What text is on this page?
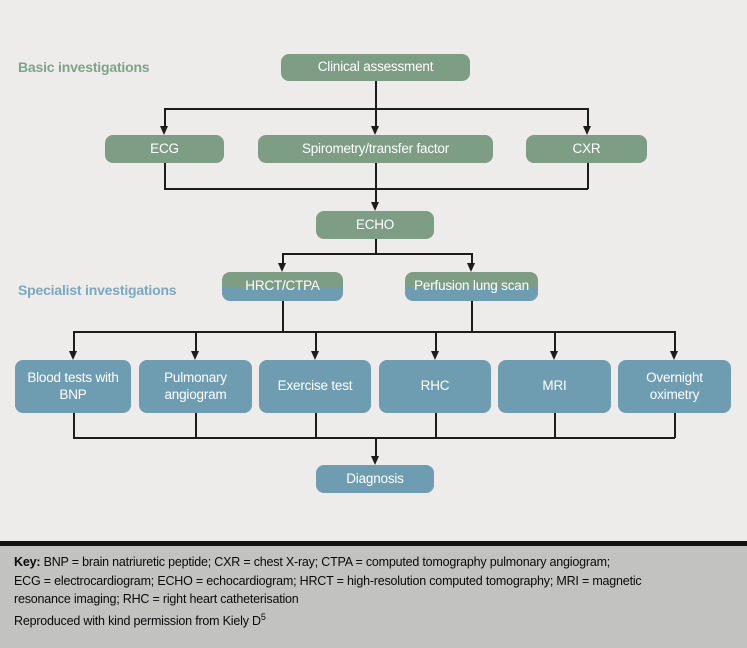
Basic investigations
Specialist investigations
Clinical assessment
ECG	Spirometry/transfer factor	CXR
ECHO
HRCT/CTPA	Perfusion lung scan
Blood tests with BNP
Pulmonary angiogram
Exercise test	RHC	MRI
Overnight oximetry
Diagnosis

Key: BNP = brain natriuretic peptide; CXR = chest X-ray; CTPA = computed tomography pulmonary angiogram;
ECG = electrocardiogram; ECHO = echocardiogram; HRCT = high-resolution computed tomography; MRI = magnetic
resonance imaging; RHC = right heart catheterisation

Reproduced with kind permission from Kiely $D^5$
